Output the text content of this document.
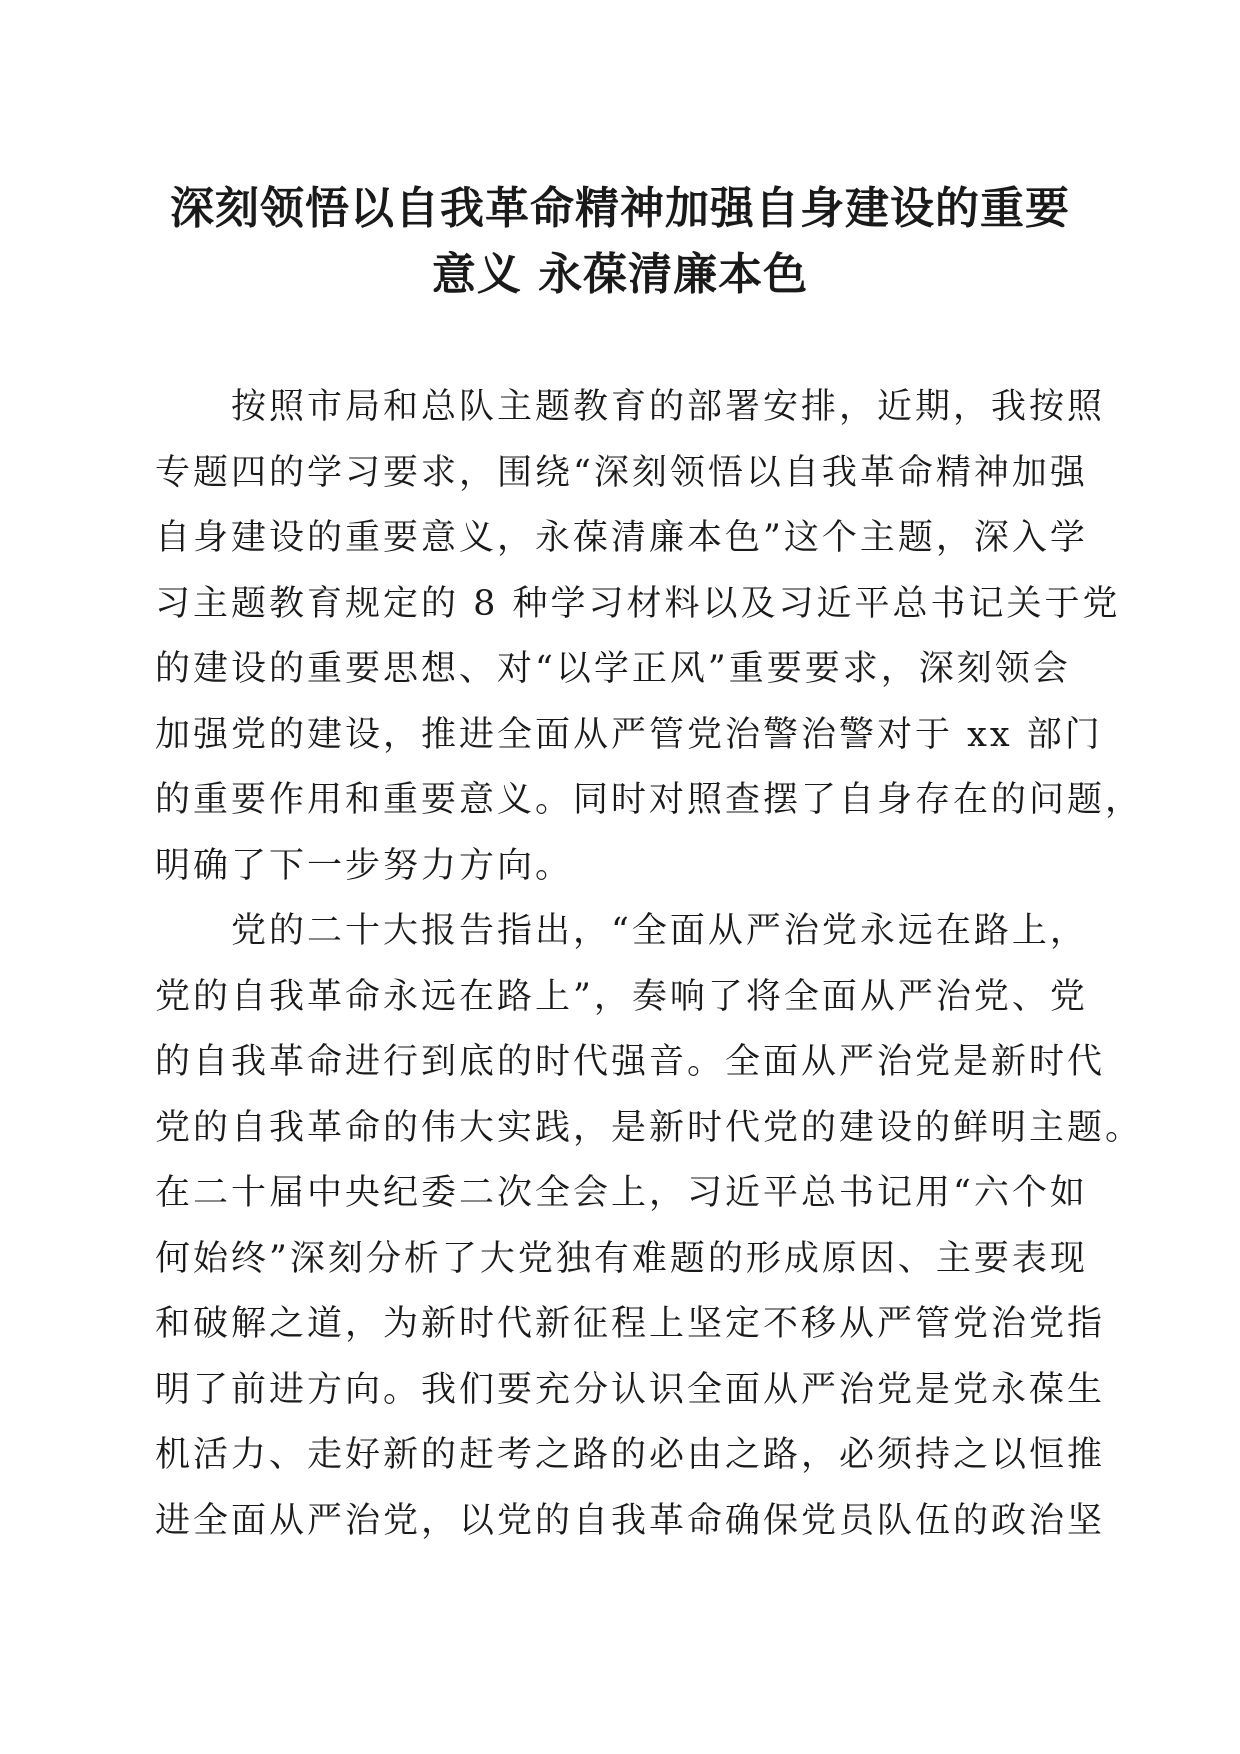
深刻领悟以自我革命精神加强自身建设的重要
意义 永葆清廉本色
按照市局和总队主题教育的部署安排，近期，我按照
专题四的学习要求，围绕“深刻领悟以自我革命精神加强
自身建设的重要意义，永葆清廉本色”这个主题，深入学
习主题教育规定的 8 种学习材料以及习近平总书记关于党
的建设的重要思想、对“以学正风”重要要求，深刻领会
加强党的建设，推进全面从严管党治警治警对于 xx 部门
的重要作用和重要意义。同时对照查摆了自身存在的问题，
明确了下一步努力方向。
党的二十大报告指出，“全面从严治党永远在路上，
党的自我革命永远在路上”，奏响了将全面从严治党、党
的自我革命进行到底的时代强音。全面从严治党是新时代
党的自我革命的伟大实践，是新时代党的建设的鲜明主题。
在二十届中央纪委二次全会上，习近平总书记用“六个如
何始终”深刻分析了大党独有难题的形成原因、主要表现
和破解之道，为新时代新征程上坚定不移从严管党治党指
明了前进方向。我们要充分认识全面从严治党是党永葆生
机活力、走好新的赶考之路的必由之路，必须持之以恒推
进全面从严治党，以党的自我革命确保党员队伍的政治坚
